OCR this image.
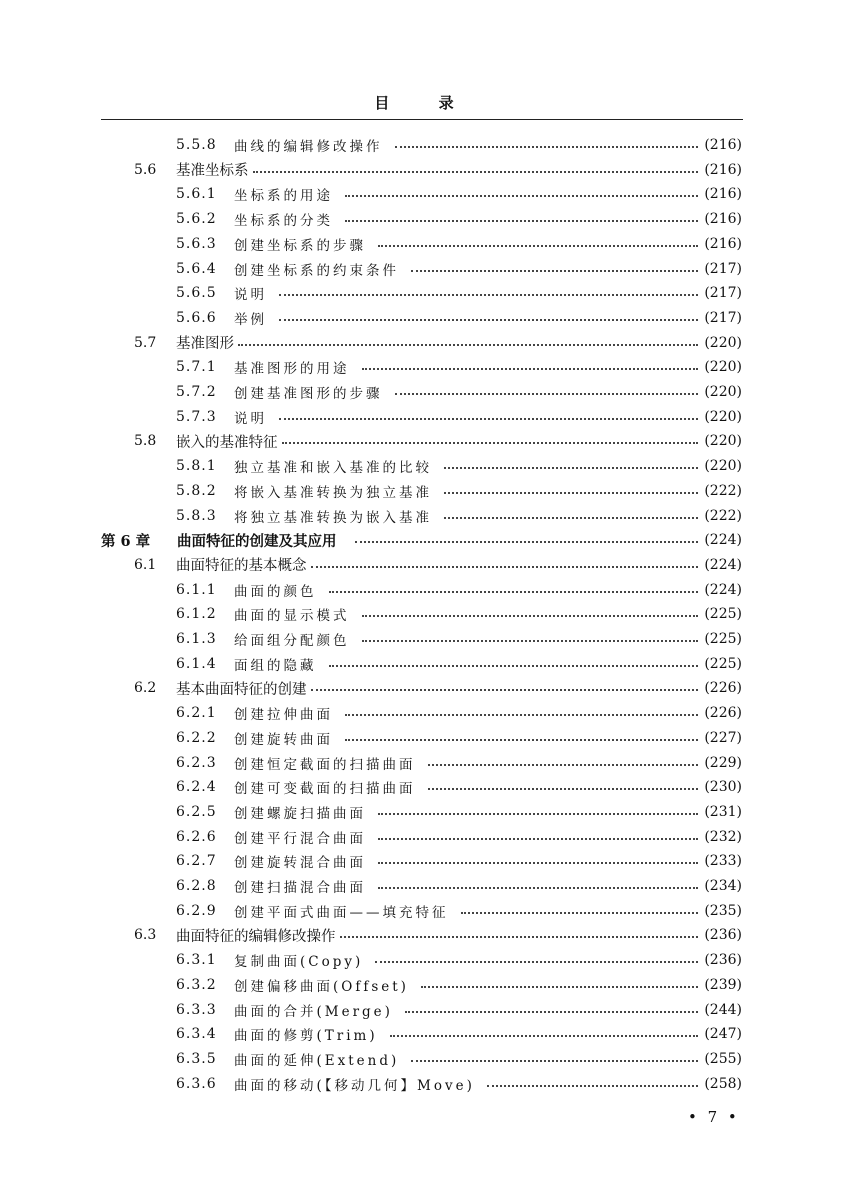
目 录
5.5.8	曲线的编辑修改操作	(216)
5.6	基准坐标系	(216)
5.6.1	坐标系的用途	(216)
5.6.2	坐标系的分类	(216)
5.6.3	创建坐标系的步骤	(216)
5.6.4	创建坐标系的约束条件	(217)
5.6.5	说明	(217)
5.6.6	举例	(217)
5.7	基准图形	(220)
5.7.1	基准图形的用途	(220)
5.7.2	创建基准图形的步骤	(220)
5.7.3	说明	(220)
5.8	嵌入的基准特征	(220)
5.8.1	独立基准和嵌入基准的比较	(220)
5.8.2	将嵌入基准转换为独立基准	(222)
5.8.3	将独立基准转换为嵌入基准	(222)
第 6 章	曲面特征的创建及其应用	(224)
6.1	曲面特征的基本概念	(224)
6.1.1	曲面的颜色	(224)
6.1.2	曲面的显示模式	(225)
6.1.3	给面组分配颜色	(225)
6.1.4	面组的隐藏	(225)
6.2	基本曲面特征的创建	(226)
6.2.1	创建拉伸曲面	(226)
6.2.2	创建旋转曲面	(227)
6.2.3	创建恒定截面的扫描曲面	(229)
6.2.4	创建可变截面的扫描曲面	(230)
6.2.5	创建螺旋扫描曲面	(231)
6.2.6	创建平行混合曲面	(232)
6.2.7	创建旋转混合曲面	(233)
6.2.8	创建扫描混合曲面	(234)
6.2.9	创建平面式曲面——填充特征	(235)
6.3	曲面特征的编辑修改操作	(236)
6.3.1	复制曲面(Copy)	(236)
6.3.2	创建偏移曲面(Offset)	(239)
6.3.3	曲面的合并(Merge)	(244)
6.3.4	曲面的修剪(Trim)	(247)
6.3.5	曲面的延伸(Extend)	(255)
6.3.6	曲面的移动(【移动几何】Move)	(258)
• 7 •
